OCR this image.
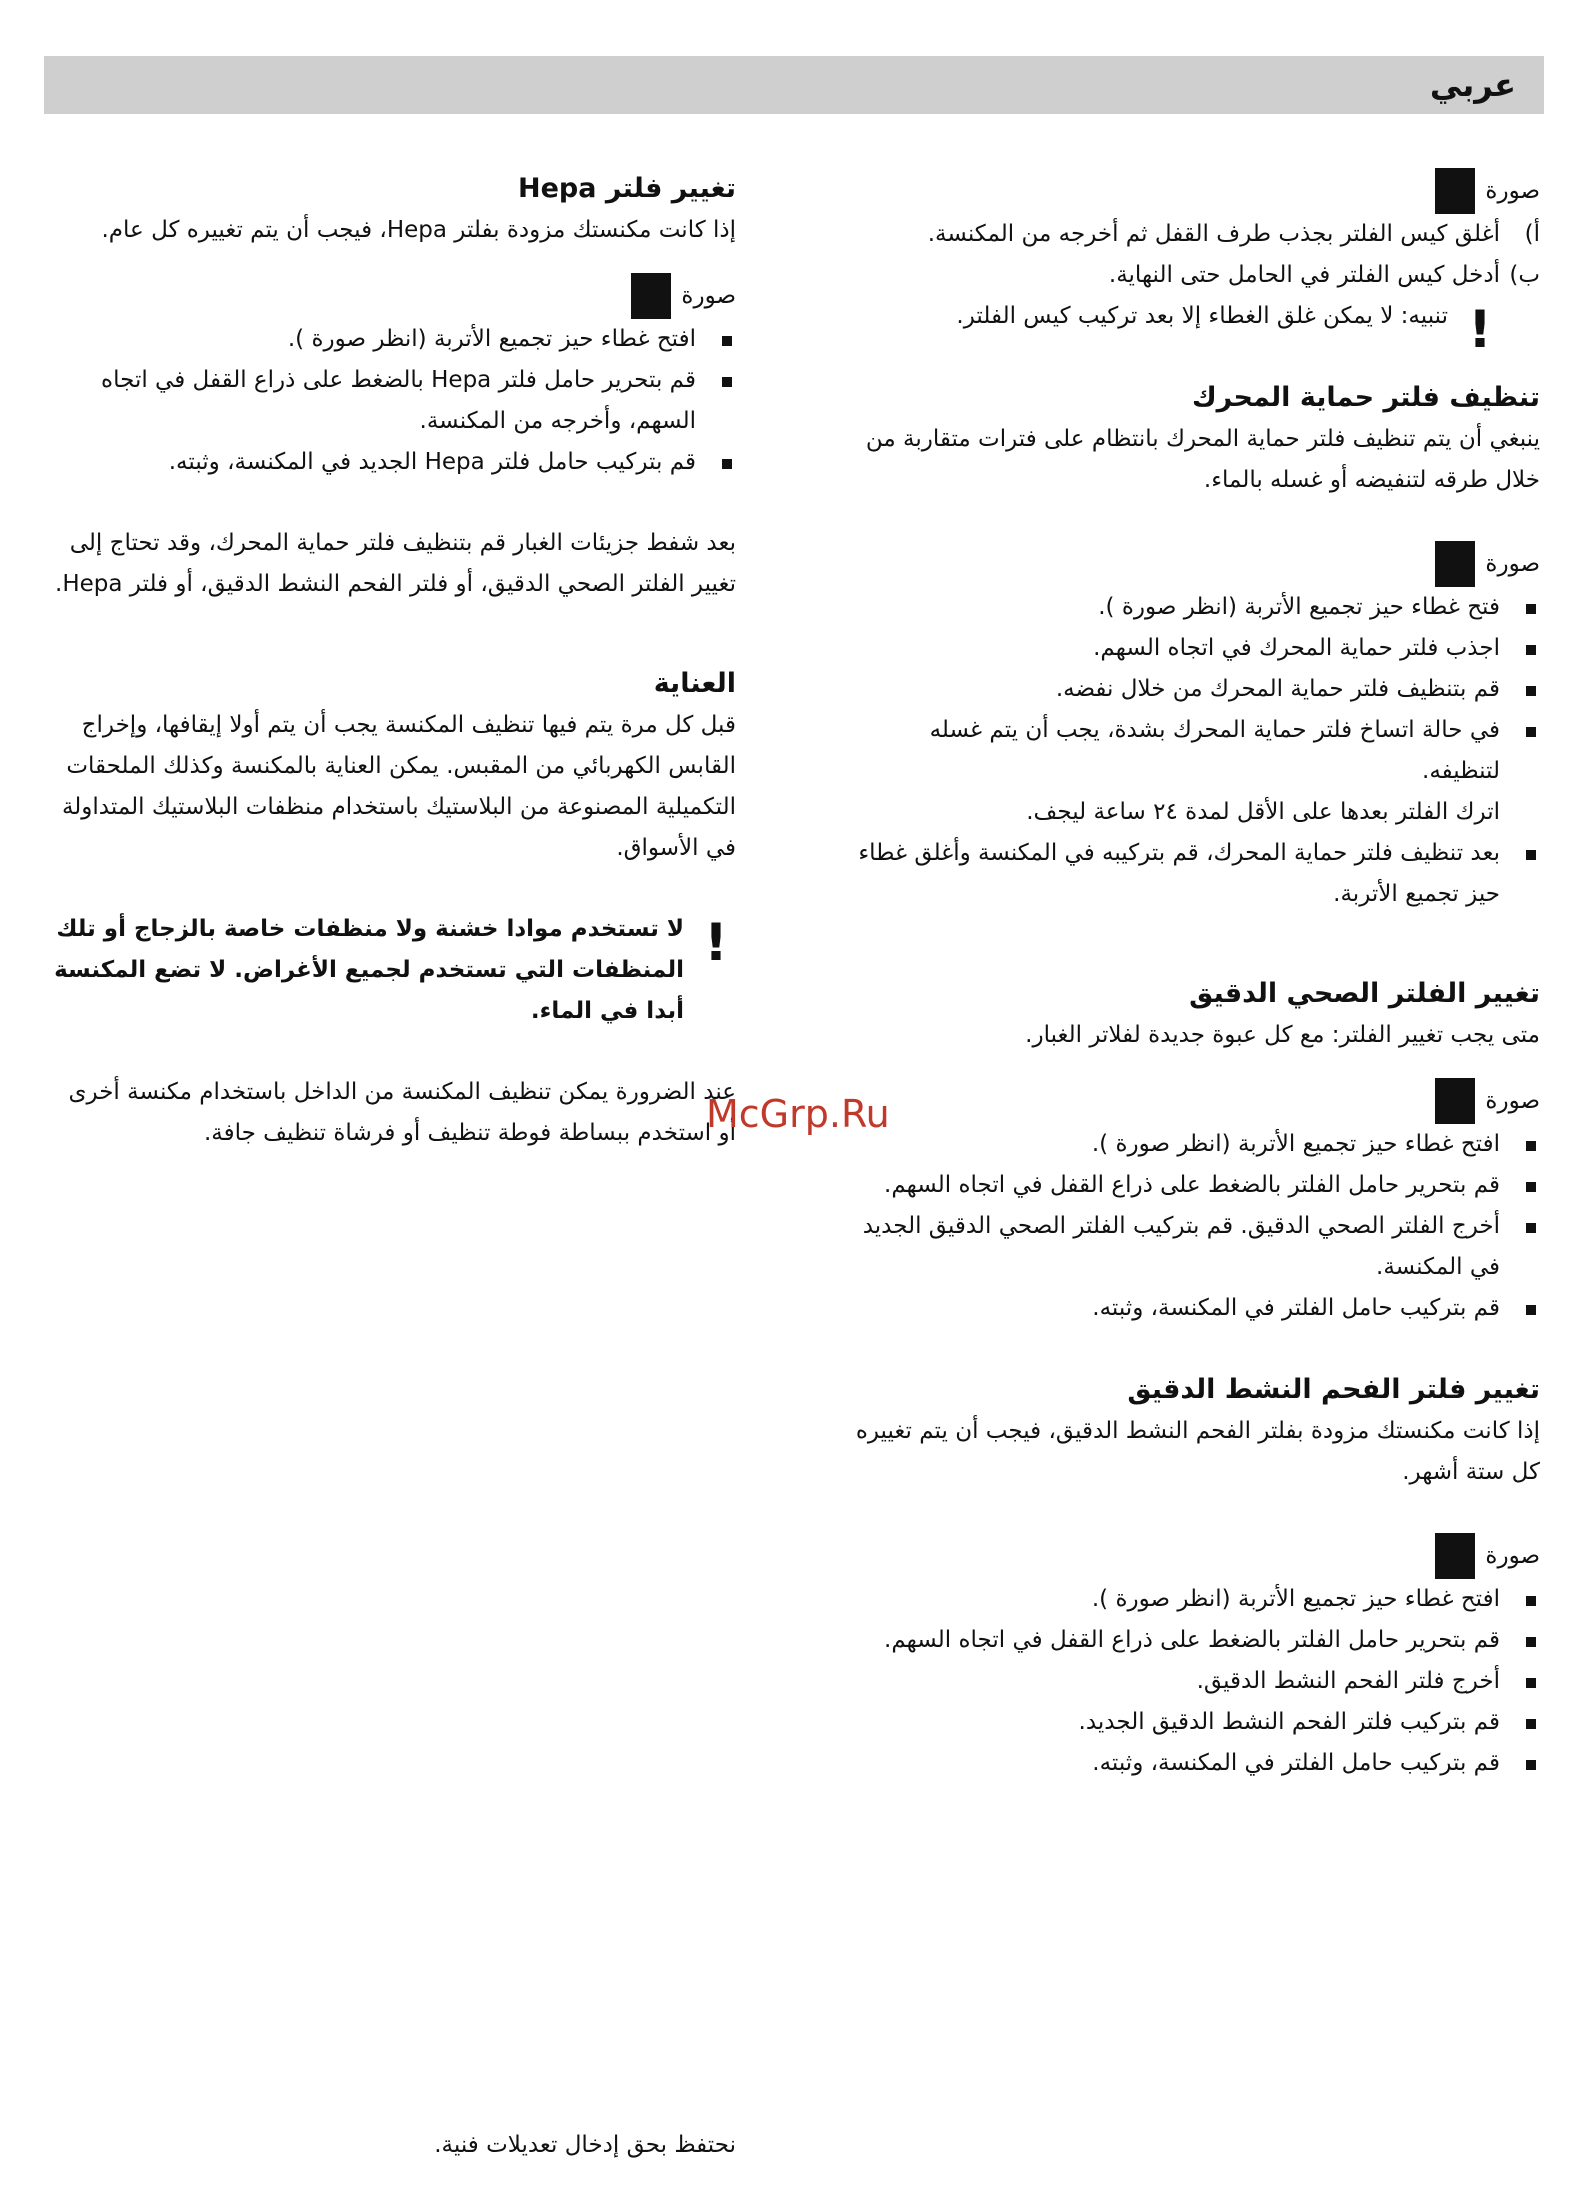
عربي
صورة
أ)
أغلق كيس الفلتر بجذب طرف القفل ثم أخرجه من المكنسة.
ب)
أدخل كيس الفلتر في الحامل حتى النهاية.
!
تنبيه: لا يمكن غلق الغطاء إلا بعد تركيب كيس الفلتر.
تنظيف فلتر حماية المحرك

ينبغي أن يتم تنظيف فلتر حماية المحرك بانتظام على فترات متقاربة من خلال طرقه لتنفيضه أو غسله بالماء.

صورة
فتح غطاء حيز تجميع الأتربة (انظر صورة ).
اجذب فلتر حماية المحرك في اتجاه السهم.
قم بتنظيف فلتر حماية المحرك من خلال نفضه.
في حالة اتساخ فلتر حماية المحرك بشدة، يجب أن يتم غسله لتنظيفه.

اترك الفلتر بعدها على الأقل لمدة ٢٤ ساعة ليجف.

بعد تنظيف فلتر حماية المحرك، قم بتركيبه في المكنسة وأغلق غطاء حيز تجميع الأتربة.
تغيير الفلتر الصحي الدقيق

متى يجب تغيير الفلتر: مع كل عبوة جديدة لفلاتر الغبار.

صورة
افتح غطاء حيز تجميع الأتربة (انظر صورة ).
قم بتحرير حامل الفلتر بالضغط على ذراع القفل في اتجاه السهم.
أخرج الفلتر الصحي الدقيق. قم بتركيب الفلتر الصحي الدقيق الجديد في المكنسة.
قم بتركيب حامل الفلتر في المكنسة، وثبته.
تغيير فلتر الفحم النشط الدقيق

إذا كانت مكنستك مزودة بفلتر الفحم النشط الدقيق، فيجب أن يتم تغييره كل ستة أشهر.

صورة
افتح غطاء حيز تجميع الأتربة (انظر صورة ).
قم بتحرير حامل الفلتر بالضغط على ذراع القفل في اتجاه السهم.
أخرج فلتر الفحم النشط الدقيق.
قم بتركيب فلتر الفحم النشط الدقيق الجديد.
قم بتركيب حامل الفلتر في المكنسة، وثبته.
تغيير فلتر Hepa

إذا كانت مكنستك مزودة بفلتر Hepa، فيجب أن يتم تغييره كل عام.

صورة
افتح غطاء حيز تجميع الأتربة (انظر صورة ).
قم بتحرير حامل فلتر Hepa بالضغط على ذراع القفل في اتجاه السهم، وأخرجه من المكنسة.
قم بتركيب حامل فلتر Hepa الجديد في المكنسة، وثبته.

بعد شفط جزيئات الغبار قم بتنظيف فلتر حماية المحرك، وقد تحتاج إلى تغيير الفلتر الصحي الدقيق، أو فلتر الفحم النشط الدقيق، أو فلتر Hepa.

العناية

قبل كل مرة يتم فيها تنظيف المكنسة يجب أن يتم أولا إيقافها، وإخراج القابس الكهربائي من المقبس. يمكن العناية بالمكنسة وكذلك الملحقات التكميلية المصنوعة من البلاستيك باستخدام منظفات البلاستيك المتداولة في الأسواق.

!
لا تستخدم موادا خشنة ولا منظفات خاصة بالزجاج أو تلك المنظفات التي تستخدم لجميع الأغراض. لا تضع المكنسة أبدا في الماء.

عند الضرورة يمكن تنظيف المكنسة من الداخل باستخدام مكنسة أخرى أو استخدم ببساطة فوطة تنظيف أو فرشاة تنظيف جافة.

McGrp.Ru
نحتفظ بحق إدخال تعديلات فنية.
